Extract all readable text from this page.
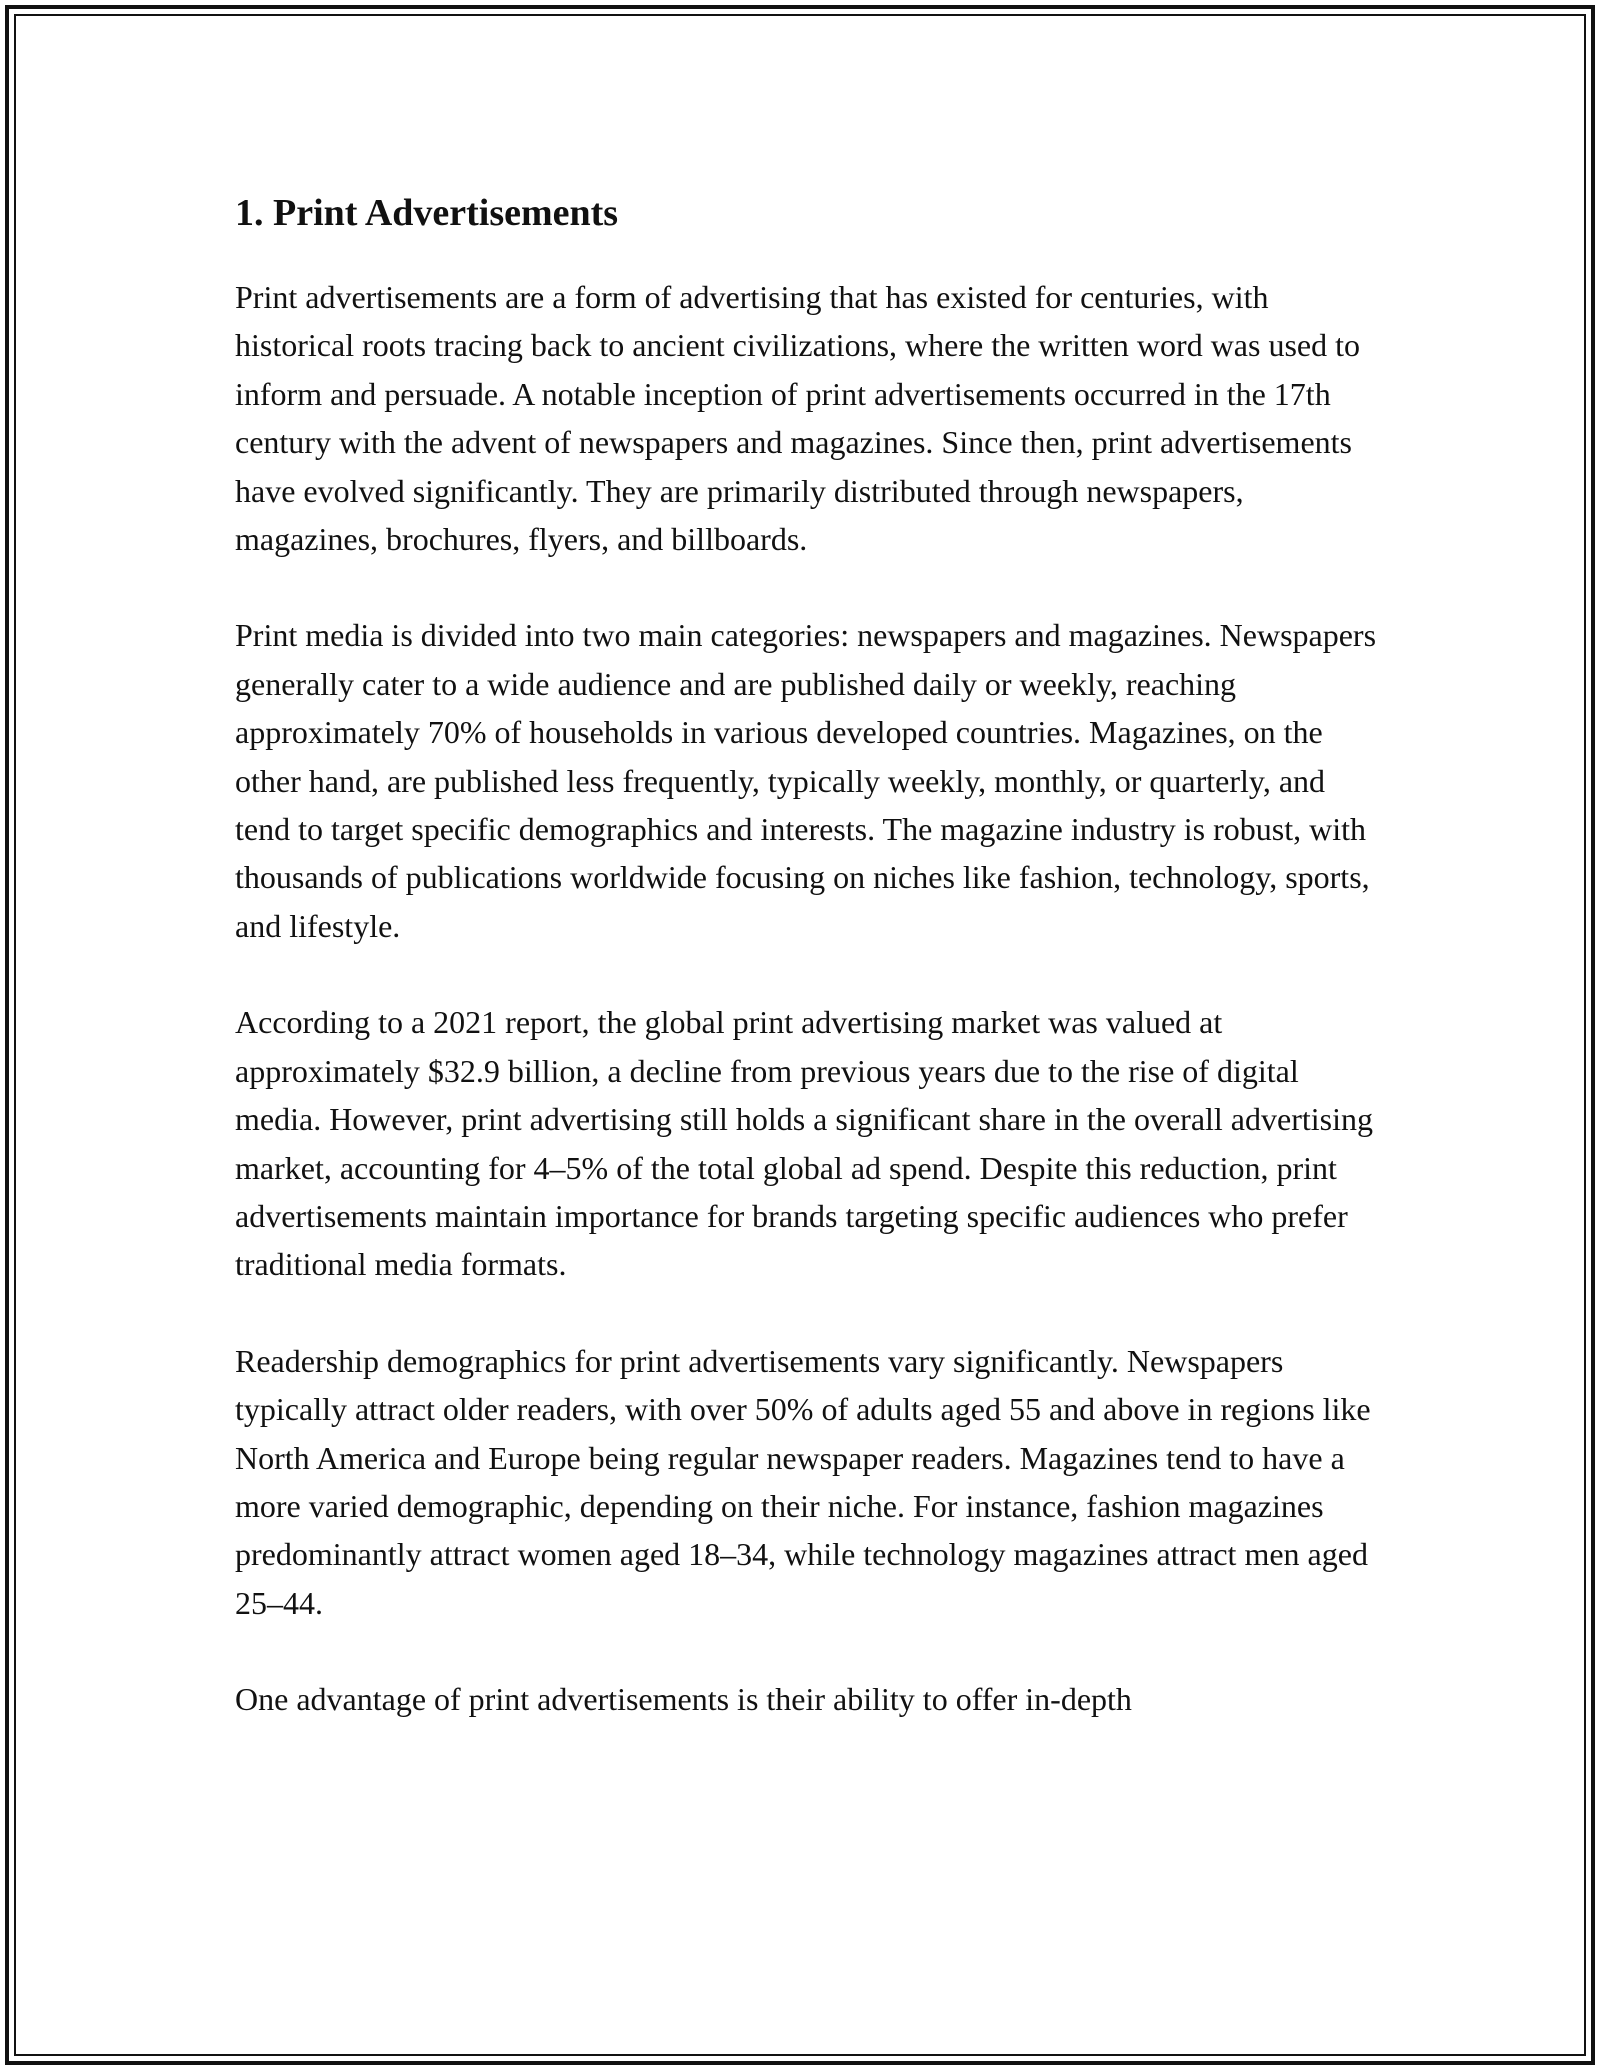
1. Print Advertisements

Print advertisements are a form of advertising that has existed for centuries, with historical roots tracing back to ancient civilizations, where the written word was used to inform and persuade. A notable inception of print advertisements occurred in the 17th century with the advent of newspapers and magazines. Since then, print advertisements have evolved significantly. They are primarily distributed through newspapers, magazines, brochures, flyers, and billboards.

Print media is divided into two main categories: newspapers and magazines. Newspapers generally cater to a wide audience and are published daily or weekly, reaching approximately 70% of households in various developed countries. Magazines, on the other hand, are published less frequently, typically weekly, monthly, or quarterly, and tend to target specific demographics and interests. The magazine industry is robust, with thousands of publications worldwide focusing on niches like fashion, technology, sports, and lifestyle.

According to a 2021 report, the global print advertising market was valued at approximately $32.9 billion, a decline from previous years due to the rise of digital media. However, print advertising still holds a significant share in the overall advertising market, accounting for 4–5% of the total global ad spend. Despite this reduction, print advertisements maintain importance for brands targeting specific audiences who prefer traditional media formats.

Readership demographics for print advertisements vary significantly. Newspapers typically attract older readers, with over 50% of adults aged 55 and above in regions like North America and Europe being regular newspaper readers. Magazines tend to have a more varied demographic, depending on their niche. For instance, fashion magazines predominantly attract women aged 18–34, while technology magazines attract men aged 25–44.

One advantage of print advertisements is their ability to offer in-depth
